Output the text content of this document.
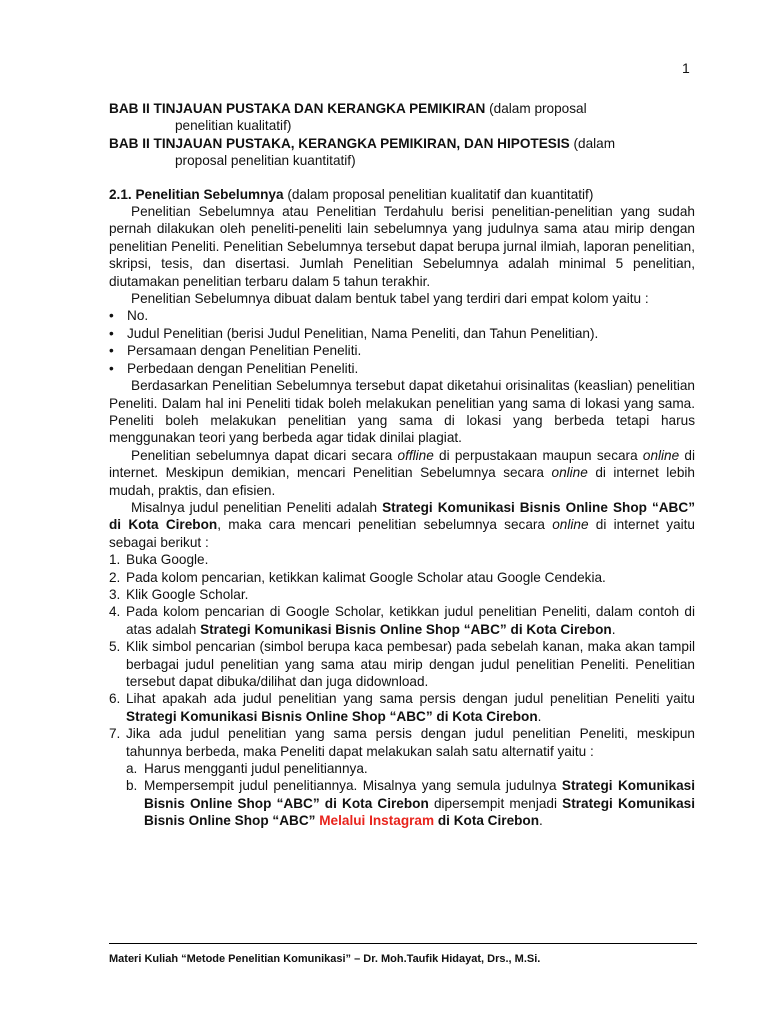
1
BAB II TINJAUAN PUSTAKA DAN KERANGKA PEMIKIRAN (dalam proposal
penelitian kualitatif)
BAB II TINJAUAN PUSTAKA, KERANGKA PEMIKIRAN, DAN HIPOTESIS (dalam
proposal penelitian kuantitatif)
2.1. Penelitian Sebelumnya (dalam proposal penelitian kualitatif dan kuantitatif)

Penelitian Sebelumnya atau Penelitian Terdahulu berisi penelitian-penelitian yang sudah pernah dilakukan oleh peneliti-peneliti lain sebelumnya yang judulnya sama atau mirip dengan penelitian Peneliti. Penelitian Sebelumnya tersebut dapat berupa jurnal ilmiah, laporan penelitian, skripsi, tesis, dan disertasi. Jumlah Penelitian Sebelumnya adalah minimal 5 penelitian, diutamakan penelitian terbaru dalam 5 tahun terakhir.

Penelitian Sebelumnya dibuat dalam bentuk tabel yang terdiri dari empat kolom yaitu :

• No.
• Judul Penelitian (berisi Judul Penelitian, Nama Peneliti, dan Tahun Penelitian).
• Persamaan dengan Penelitian Peneliti.
• Perbedaan dengan Penelitian Peneliti.

Berdasarkan Penelitian Sebelumnya tersebut dapat diketahui orisinalitas (keaslian) penelitian Peneliti. Dalam hal ini Peneliti tidak boleh melakukan penelitian yang sama di lokasi yang sama. Peneliti boleh melakukan penelitian yang sama di lokasi yang berbeda tetapi harus menggunakan teori yang berbeda agar tidak dinilai plagiat.

Penelitian sebelumnya dapat dicari secara offline di perpustakaan maupun secara online di internet. Meskipun demikian, mencari Penelitian Sebelumnya secara online di internet lebih mudah, praktis, dan efisien.

Misalnya judul penelitian Peneliti adalah Strategi Komunikasi Bisnis Online Shop “ABC” di Kota Cirebon, maka cara mencari penelitian sebelumnya secara online di internet yaitu sebagai berikut :

1. Buka Google.
2. Pada kolom pencarian, ketikkan kalimat Google Scholar atau Google Cendekia.
3. Klik Google Scholar.
4. Pada kolom pencarian di Google Scholar, ketikkan judul penelitian Peneliti, dalam contoh di atas adalah Strategi Komunikasi Bisnis Online Shop “ABC” di Kota Cirebon.
5. Klik simbol pencarian (simbol berupa kaca pembesar) pada sebelah kanan, maka akan tampil berbagai judul penelitian yang sama atau mirip dengan judul penelitian Peneliti. Penelitian tersebut dapat dibuka/dilihat dan juga didownload.
6. Lihat apakah ada judul penelitian yang sama persis dengan judul penelitian Peneliti yaitu Strategi Komunikasi Bisnis Online Shop “ABC” di Kota Cirebon.
7. Jika ada judul penelitian yang sama persis dengan judul penelitian Peneliti, meskipun tahunnya berbeda, maka Peneliti dapat melakukan salah satu alternatif yaitu :
a. Harus mengganti judul penelitiannya.
b. Mempersempit judul penelitiannya. Misalnya yang semula judulnya Strategi Komunikasi Bisnis Online Shop “ABC” di Kota Cirebon dipersempit menjadi Strategi Komunikasi Bisnis Online Shop “ABC” Melalui Instagram di Kota Cirebon.
Materi Kuliah “Metode Penelitian Komunikasi” – Dr. Moh.Taufik Hidayat, Drs., M.Si.
